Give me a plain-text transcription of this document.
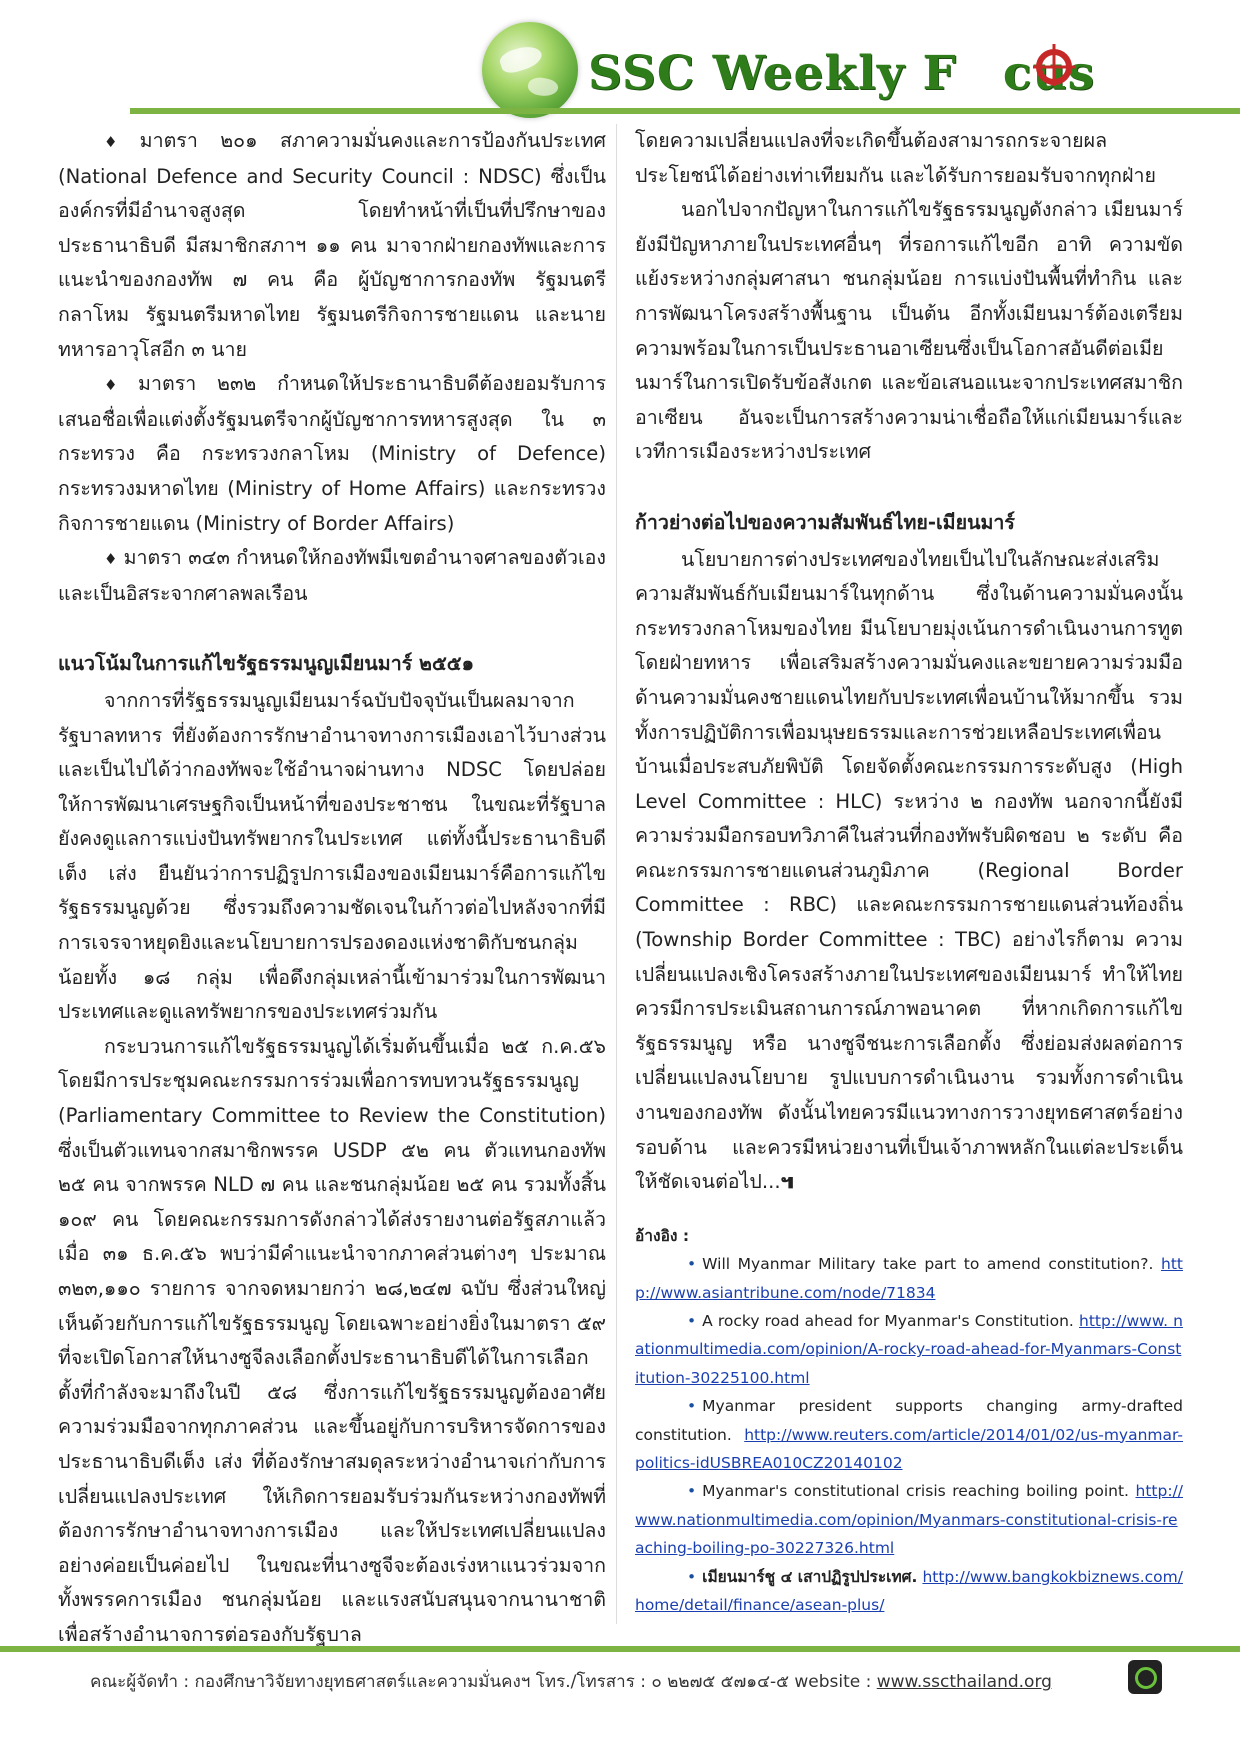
SSC Weekly F cus

♦ มาตรา ๒๐๑ สภาความมั่นคงและการป้องกันประเทศ (National Defence and Security Council : NDSC) ซึ่งเป็นองค์กรที่มีอำนาจสูงสุด โดยทำหน้าที่เป็นที่ปรึกษาของประธานาธิบดี มีสมาชิกสภาฯ ๑๑ คน มาจากฝ่ายกองทัพและการแนะนำของกองทัพ ๗ คน คือ ผู้บัญชาการกองทัพ รัฐมนตรีกลาโหม รัฐมนตรีมหาดไทย รัฐมนตรีกิจการชายแดน และนายทหารอาวุโสอีก ๓ นาย

♦ มาตรา ๒๓๒ กำหนดให้ประธานาธิบดีต้องยอมรับการเสนอชื่อเพื่อแต่งตั้งรัฐมนตรีจากผู้บัญชาการทหารสูงสุด ใน ๓ กระทรวง คือ กระทรวงกลาโหม (Ministry of Defence) กระทรวงมหาดไทย (Ministry of Home Affairs) และกระทรวงกิจการชายแดน (Ministry of Border Affairs)

♦ มาตรา ๓๔๓ กำหนดให้กองทัพมีเขตอำนาจศาลของตัวเองและเป็นอิสระจากศาลพลเรือน

แนวโน้มในการแก้ไขรัฐธรรมนูญเมียนมาร์ ๒๕๕๑

จากการที่รัฐธรรมนูญเมียนมาร์ฉบับปัจจุบันเป็นผลมาจากรัฐบาลทหาร ที่ยังต้องการรักษาอำนาจทางการเมืองเอาไว้บางส่วน และเป็นไปได้ว่ากองทัพจะใช้อำนาจผ่านทาง NDSC โดยปล่อยให้การพัฒนาเศรษฐกิจเป็นหน้าที่ของประชาชน ในขณะที่รัฐบาลยังคงดูแลการแบ่งปันทรัพยากรในประเทศ แต่ทั้งนี้ประธานาธิบดีเต็ง เส่ง ยืนยันว่าการปฏิรูปการเมืองของเมียนมาร์คือการแก้ไขรัฐธรรมนูญด้วย ซึ่งรวมถึงความชัดเจนในก้าวต่อไปหลังจากที่มีการเจรจาหยุดยิงและนโยบายการปรองดองแห่งชาติกับชนกลุ่มน้อยทั้ง ๑๘ กลุ่ม เพื่อดึงกลุ่มเหล่านี้เข้ามาร่วมในการพัฒนาประเทศและดูแลทรัพยากรของประเทศร่วมกัน

กระบวนการแก้ไขรัฐธรรมนูญได้เริ่มต้นขึ้นเมื่อ ๒๕ ก.ค.๕๖ โดยมีการประชุมคณะกรรมการร่วมเพื่อการทบทวนรัฐธรรมนูญ (Parliamentary Committee to Review the Constitution) ซึ่งเป็นตัวแทนจากสมาชิกพรรค USDP ๕๒ คน ตัวแทนกองทัพ ๒๕ คน จากพรรค NLD ๗ คน และชนกลุ่มน้อย ๒๕ คน รวมทั้งสิ้น ๑๐๙ คน โดยคณะกรรมการดังกล่าวได้ส่งรายงานต่อรัฐสภาแล้วเมื่อ ๓๑ ธ.ค.๕๖ พบว่ามีคำแนะนำจากภาคส่วนต่างๆ ประมาณ ๓๒๓,๑๑๐ รายการ จากจดหมายกว่า ๒๘,๒๔๗ ฉบับ ซึ่งส่วนใหญ่เห็นด้วยกับการแก้ไขรัฐธรรมนูญ โดยเฉพาะอย่างยิ่งในมาตรา ๕๙ ที่จะเปิดโอกาสให้นางซูจีลงเลือกตั้งประธานาธิบดีได้ในการเลือกตั้งที่กำลังจะมาถึงในปี ๕๘ ซึ่งการแก้ไขรัฐธรรมนูญต้องอาศัยความร่วมมือจากทุกภาคส่วน และขึ้นอยู่กับการบริหารจัดการของประธานาธิบดีเต็ง เส่ง ที่ต้องรักษาสมดุลระหว่างอำนาจเก่ากับการเปลี่ยนแปลงประเทศ ให้เกิดการยอมรับร่วมกันระหว่างกองทัพที่ต้องการรักษาอำนาจทางการเมือง และให้ประเทศเปลี่ยนแปลงอย่างค่อยเป็นค่อยไป ในขณะที่นางซูจีจะต้องเร่งหาแนวร่วมจากทั้งพรรคการเมือง ชนกลุ่มน้อย และแรงสนับสนุนจากนานาชาติ เพื่อสร้างอำนาจการต่อรองกับรัฐบาล

โดยความเปลี่ยนแปลงที่จะเกิดขึ้นต้องสามารถกระจายผลประโยชน์ได้อย่างเท่าเทียมกัน และได้รับการยอมรับจากทุกฝ่าย

นอกไปจากปัญหาในการแก้ไขรัฐธรรมนูญดังกล่าว เมียนมาร์ยังมีปัญหาภายในประเทศอื่นๆ ที่รอการแก้ไขอีก อาทิ ความขัดแย้งระหว่างกลุ่มศาสนา ชนกลุ่มน้อย การแบ่งปันพื้นที่ทำกิน และการพัฒนาโครงสร้างพื้นฐาน เป็นต้น อีกทั้งเมียนมาร์ต้องเตรียมความพร้อมในการเป็นประธานอาเซียนซึ่งเป็นโอกาสอันดีต่อเมียนมาร์ในการเปิดรับข้อสังเกต และข้อเสนอแนะจากประเทศสมาชิกอาเซียน อันจะเป็นการสร้างความน่าเชื่อถือให้แก่เมียนมาร์และเวทีการเมืองระหว่างประเทศ

ก้าวย่างต่อไปของความสัมพันธ์ไทย-เมียนมาร์

นโยบายการต่างประเทศของไทยเป็นไปในลักษณะส่งเสริมความสัมพันธ์กับเมียนมาร์ในทุกด้าน ซึ่งในด้านความมั่นคงนั้นกระทรวงกลาโหมของไทย มีนโยบายมุ่งเน้นการดำเนินงานการทูตโดยฝ่ายทหาร เพื่อเสริมสร้างความมั่นคงและขยายความร่วมมือด้านความมั่นคงชายแดนไทยกับประเทศเพื่อนบ้านให้มากขึ้น รวมทั้งการปฏิบัติการเพื่อมนุษยธรรมและการช่วยเหลือประเทศเพื่อนบ้านเมื่อประสบภัยพิบัติ โดยจัดตั้งคณะกรรมการระดับสูง (High Level Committee : HLC) ระหว่าง ๒ กองทัพ นอกจากนี้ยังมีความร่วมมือกรอบทวิภาคีในส่วนที่กองทัพรับผิดชอบ ๒ ระดับ คือ คณะกรรมการชายแดนส่วนภูมิภาค (Regional Border Committee : RBC) และคณะกรรมการชายแดนส่วนท้องถิ่น (Township Border Committee : TBC) อย่างไรก็ตาม ความเปลี่ยนแปลงเชิงโครงสร้างภายในประเทศของเมียนมาร์ ทำให้ไทย ควรมีการประเมินสถานการณ์ภาพอนาคต ที่หากเกิดการแก้ไขรัฐธรรมนูญ หรือ นางซูจีชนะการเลือกตั้ง ซึ่งย่อมส่งผลต่อการเปลี่ยนแปลงนโยบาย รูปแบบการดำเนินงาน รวมทั้งการดำเนินงานของกองทัพ ดังนั้นไทยควรมีแนวทางการวางยุทธศาสตร์อย่างรอบด้าน และควรมีหน่วยงานที่เป็นเจ้าภาพหลักในแต่ละประเด็นให้ชัดเจนต่อไป...๚

อ้างอิง :
• Will Myanmar Military take part to amend constitution?. http://www.asiantribune.com/node/71834
• A rocky road ahead for Myanmar's Constitution. http://www. nationmultimedia.com/opinion/A-rocky-road-ahead-for-Myanmars-Constitution-30225100.html
• Myanmar president supports changing army-drafted constitution. http://www.reuters.com/article/2014/01/02/us-myanmar-politics-idUSBREA010CZ20140102
• Myanmar's constitutional crisis reaching boiling point. http://www.nationmultimedia.com/opinion/Myanmars-constitutional-crisis-reaching-boiling-po-30227326.html
• เมียนมาร์ชู ๔ เสาปฏิรูปประเทศ. http://www.bangkokbiznews.com/home/detail/finance/asean-plus/
คณะผู้จัดทำ : กองศึกษาวิจัยทางยุทธศาสตร์และความมั่นคงฯ โทร./โทรสาร : ๐ ๒๒๗๕ ๕๗๑๔-๕ website : www.sscthailand.org
